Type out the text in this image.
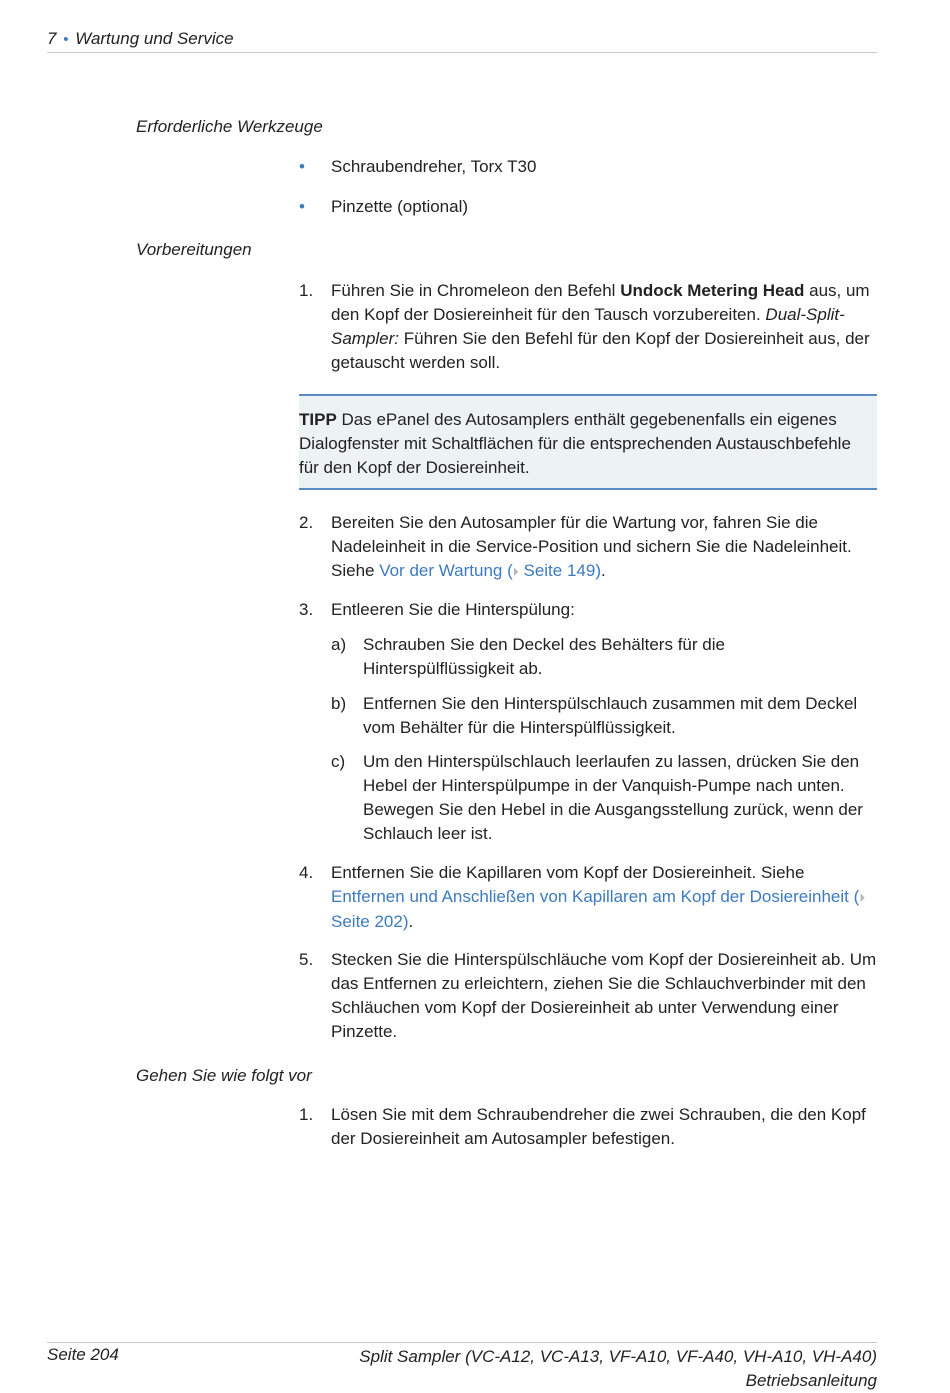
7 • Wartung und Service
Erforderliche Werkzeuge
• Schraubendreher, Torx T30
• Pinzette (optional)
Vorbereitungen
1.	Führen Sie in Chromeleon den Befehl Undock Metering Head aus, um den Kopf der Dosiereinheit für den Tausch vorzubereiten. Dual-Split-Sampler: Führen Sie den Befehl für den Kopf der Dosiereinheit aus, der getauscht werden soll.
TIPP Das ePanel des Autosamplers enthält gegebenenfalls ein eigenes Dialogfenster mit Schaltflächen für die entsprechenden Austauschbefehle für den Kopf der Dosiereinheit.
2.	Bereiten Sie den Autosampler für die Wartung vor, fahren Sie die Nadeleinheit in die Service-Position und sichern Sie die Nadeleinheit. Siehe Vor der Wartung (⏵ Seite 149).
3.	Entleeren Sie die Hinterspülung:
a) Schrauben Sie den Deckel des Behälters für die Hinterspülflüssigkeit ab.
b) Entfernen Sie den Hinterspülschlauch zusammen mit dem Deckel vom Behälter für die Hinterspülflüssigkeit.
c)	Um den Hinterspülschlauch leerlaufen zu lassen, drücken Sie den Hebel der Hinterspülpumpe in der Vanquish-Pumpe nach unten. Bewegen Sie den Hebel in die Ausgangsstellung zurück, wenn der Schlauch leer ist.
4.	Entfernen Sie die Kapillaren vom Kopf der Dosiereinheit. Siehe Entfernen und Anschließen von Kapillaren am Kopf der Dosiereinheit (⏵ Seite 202).
5.	Stecken Sie die Hinterspülschläuche vom Kopf der Dosiereinheit ab. Um das Entfernen zu erleichtern, ziehen Sie die Schlauchverbinder mit den Schläuchen vom Kopf der Dosiereinheit ab unter Verwendung einer Pinzette.
Gehen Sie wie folgt vor
1.	Lösen Sie mit dem Schraubendreher die zwei Schrauben, die den Kopf der Dosiereinheit am Autosampler befestigen.
Seite 204	Split Sampler (VC-A12, VC-A13, VF-A10, VF-A40, VH-A10, VH-A40)
Betriebsanleitung
